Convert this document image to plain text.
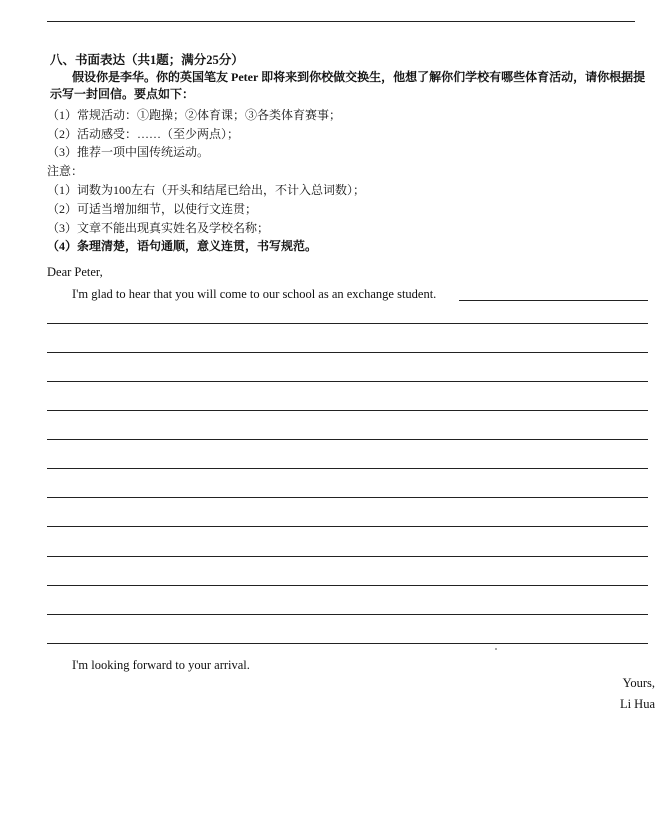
八、书面表达（共1题；满分25分）
假设你是李华。你的英国笔友 Peter 即将来到你校做交换生，他想了解你们学校有哪些体育活动，请你根据提示写一封回信。要点如下：
（1）常规活动：①跑操；②体育课；③各类体育赛事；
（2）活动感受：……（至少两点）；
（3）推荐一项中国传统运动。
注意：
（1）词数为100左右（开头和结尾已给出，不计入总词数）；
（2）可适当增加细节，以使行文连贯；
（3）文章不能出现真实姓名及学校名称；
（4）条理清楚，语句通顺，意义连贯，书写规范。
Dear Peter,
I'm glad to hear that you will come to our school as an exchange student.
I'm looking forward to your arrival.
Yours,
Li Hua
